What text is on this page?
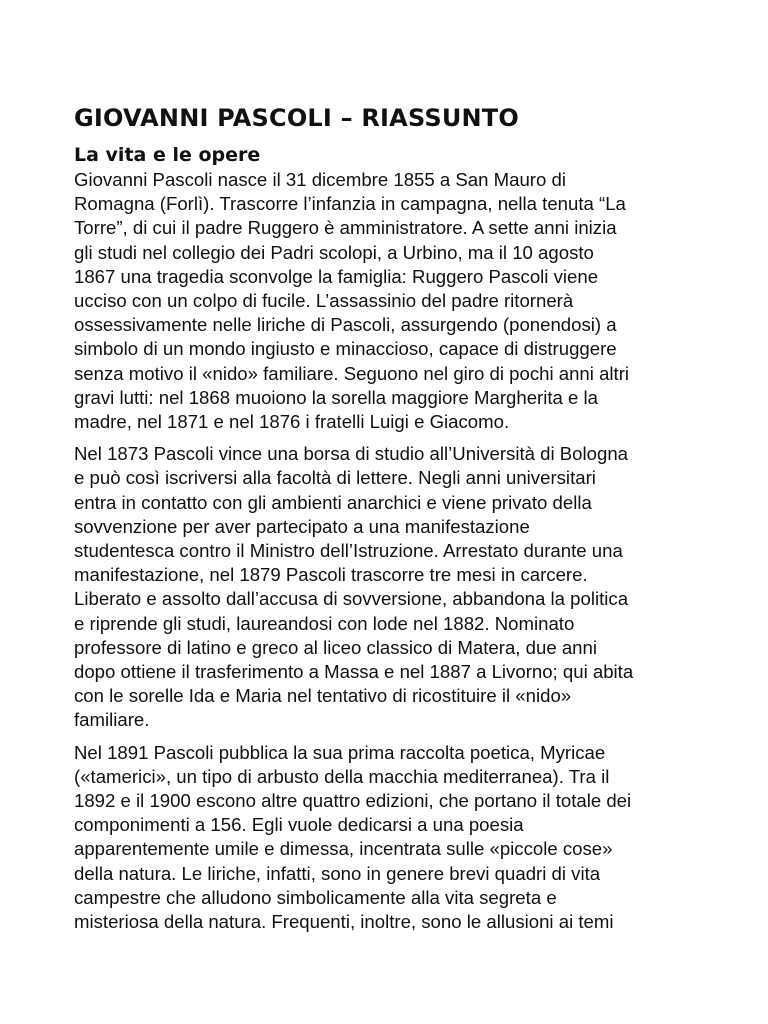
GIOVANNI PASCOLI – RIASSUNTO
La vita e le opere

Giovanni Pascoli nasce il 31 dicembre 1855 a San Mauro di
Romagna (Forlì). Trascorre l’infanzia in campagna, nella tenuta “La
Torre”, di cui il padre Ruggero è amministratore. A sette anni inizia
gli studi nel collegio dei Padri scolopi, a Urbino, ma il 10 agosto
1867 una tragedia sconvolge la famiglia: Ruggero Pascoli viene
ucciso con un colpo di fucile. L’assassinio del padre ritornerà
ossessivamente nelle liriche di Pascoli, assurgendo (ponendosi) a
simbolo di un mondo ingiusto e minaccioso, capace di distruggere
senza motivo il «nido» familiare. Seguono nel giro di pochi anni altri
gravi lutti: nel 1868 muoiono la sorella maggiore Margherita e la
madre, nel 1871 e nel 1876 i fratelli Luigi e Giacomo.

Nel 1873 Pascoli vince una borsa di studio all’Università di Bologna
e può così iscriversi alla facoltà di lettere. Negli anni universitari
entra in contatto con gli ambienti anarchici e viene privato della
sovvenzione per aver partecipato a una manifestazione
studentesca contro il Ministro dell’Istruzione. Arrestato durante una
manifestazione, nel 1879 Pascoli trascorre tre mesi in carcere.
Liberato e assolto dall’accusa di sovversione, abbandona la politica
e riprende gli studi, laureandosi con lode nel 1882. Nominato
professore di latino e greco al liceo classico di Matera, due anni
dopo ottiene il trasferimento a Massa e nel 1887 a Livorno; qui abita
con le sorelle Ida e Maria nel tentativo di ricostituire il «nido»
familiare.

Nel 1891 Pascoli pubblica la sua prima raccolta poetica, Myricae
(«tamerici», un tipo di arbusto della macchia mediterranea). Tra il
1892 e il 1900 escono altre quattro edizioni, che portano il totale dei
componimenti a 156. Egli vuole dedicarsi a una poesia
apparentemente umile e dimessa, incentrata sulle «piccole cose»
della natura. Le liriche, infatti, sono in genere brevi quadri di vita
campestre che alludono simbolicamente alla vita segreta e
misteriosa della natura. Frequenti, inoltre, sono le allusioni ai temi
